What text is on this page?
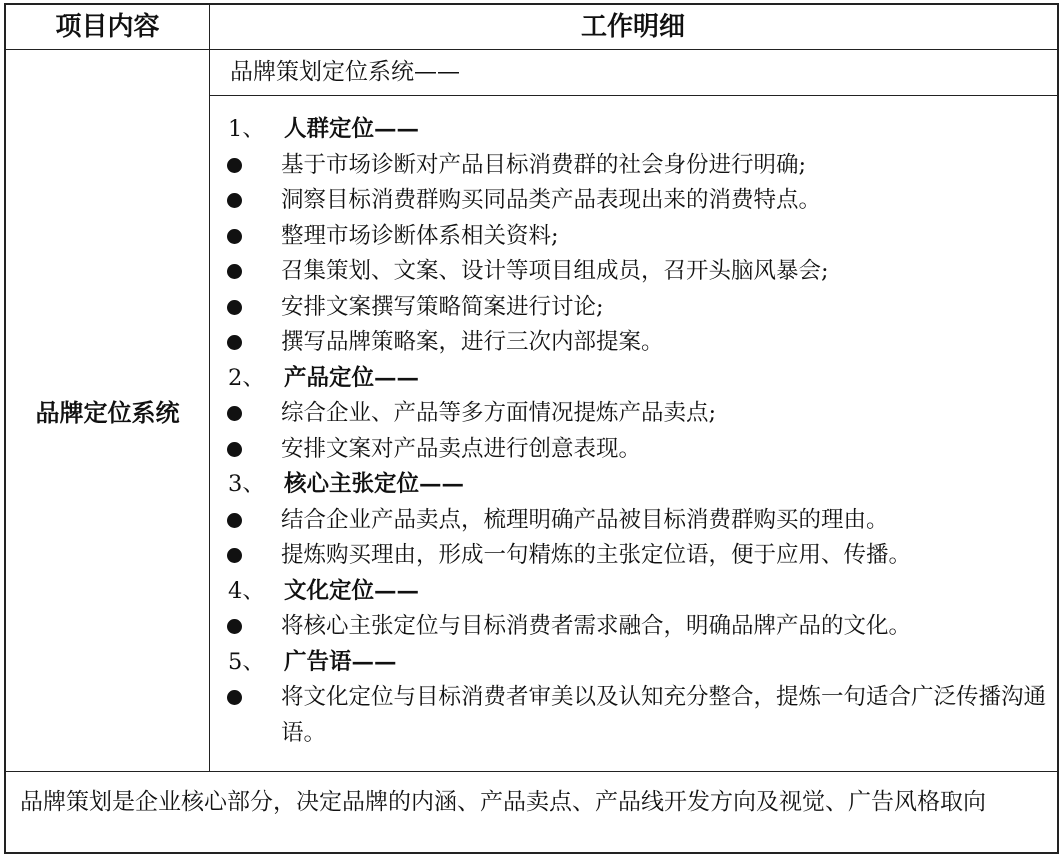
项目内容	工作明细
品牌定位系统
品牌策划定位系统——
1、 人群定位——
基于市场诊断对产品目标消费群的社会身份进行明确;
洞察目标消费群购买同品类产品表现出来的消费特点。
整理市场诊断体系相关资料;
召集策划、文案、设计等项目组成员，召开头脑风暴会;
安排文案撰写策略简案进行讨论;
撰写品牌策略案，进行三次内部提案。
2、 产品定位——
综合企业、产品等多方面情况提炼产品卖点;
安排文案对产品卖点进行创意表现。
3、 核心主张定位——
结合企业产品卖点，梳理明确产品被目标消费群购买的理由。
提炼购买理由，形成一句精炼的主张定位语，便于应用、传播。
4、 文化定位——
将核心主张定位与目标消费者需求融合，明确品牌产品的文化。
5、 广告语——
将文化定位与目标消费者审美以及认知充分整合，提炼一句适合广泛传播沟通语。
品牌策划是企业核心部分，决定品牌的内涵、产品卖点、产品线开发方向及视觉、广告风格取向
